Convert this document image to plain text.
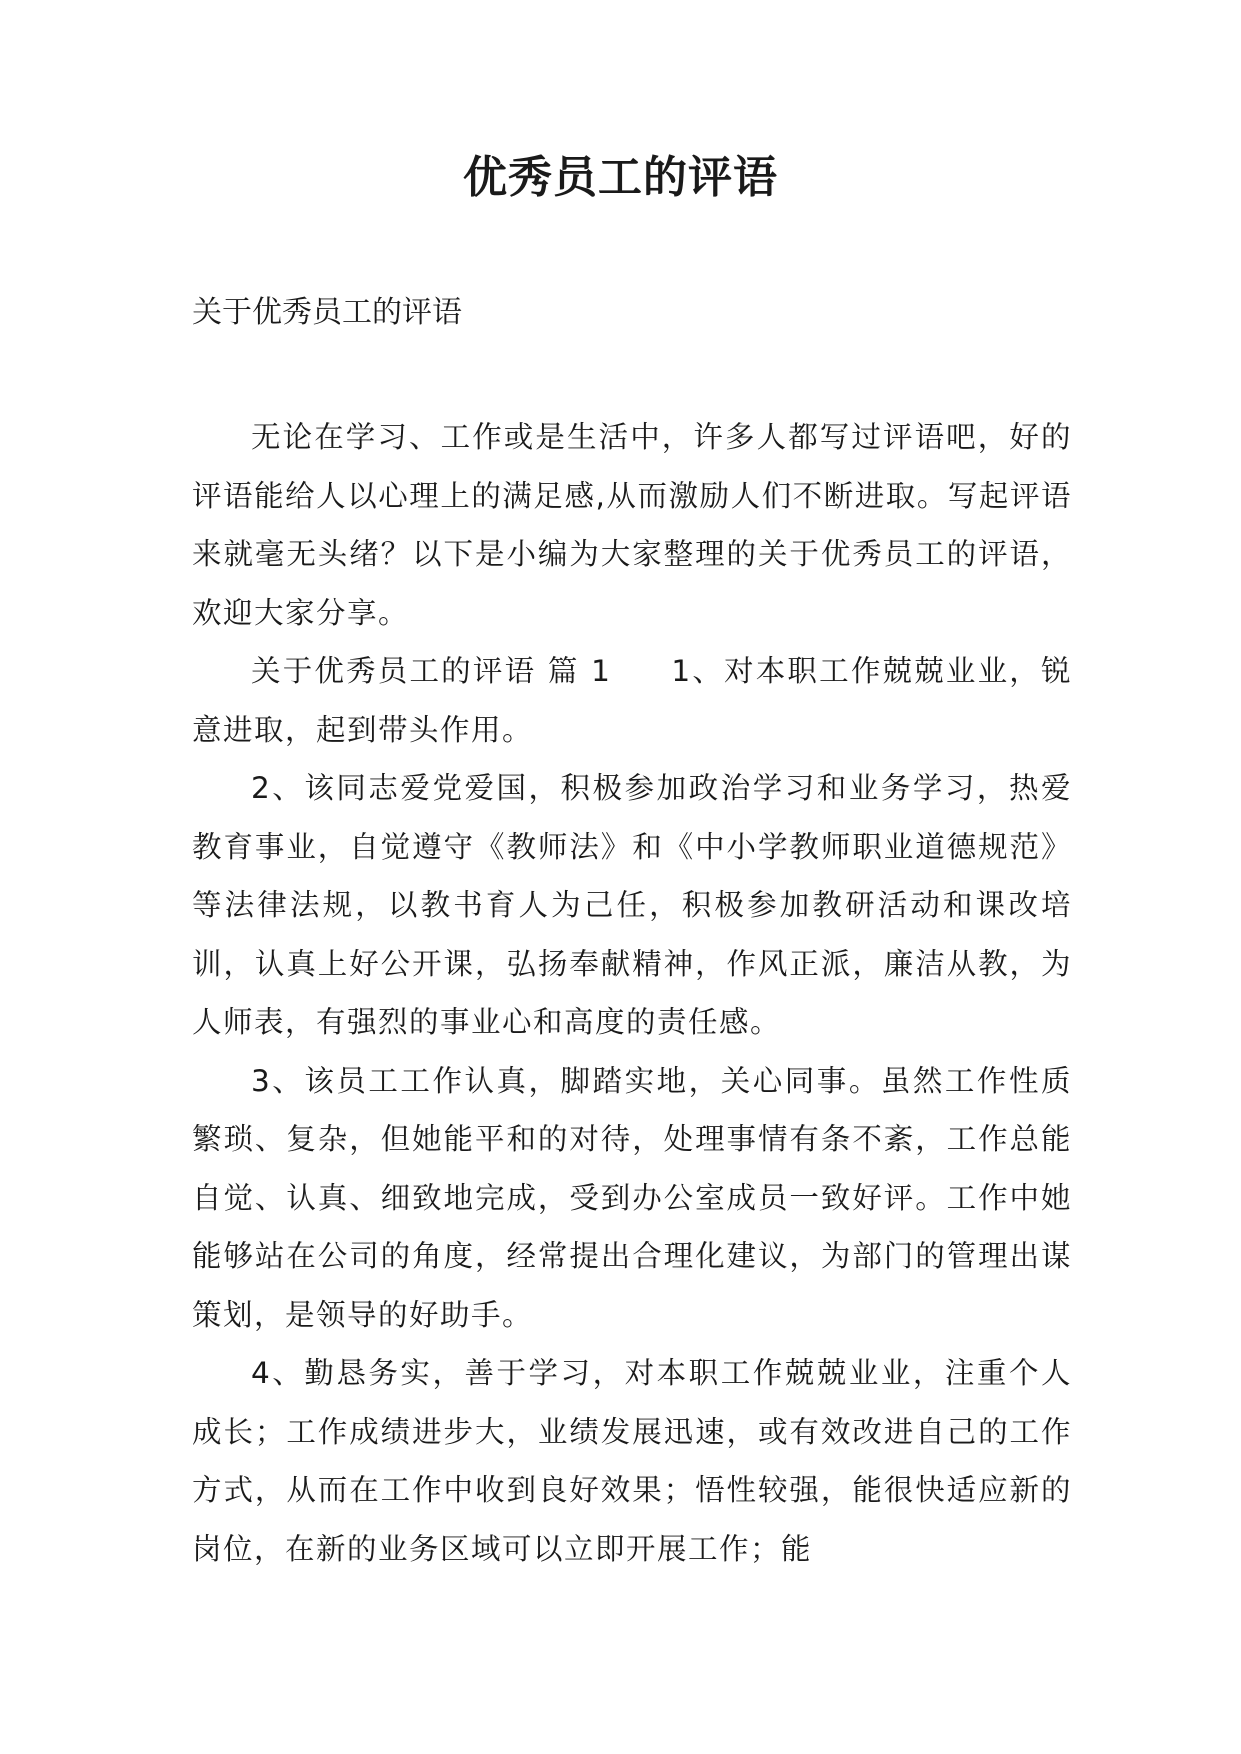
优秀员工的评语

关于优秀员工的评语

无论在学习、工作或是生活中，许多人都写过评语吧，好的评语能给人以心理上的满足感,从而激励人们不断进取。写起评语来就毫无头绪？以下是小编为大家整理的关于优秀员工的评语，欢迎大家分享。

关于优秀员工的评语 篇 1 1、对本职工作兢兢业业，锐意进取，起到带头作用。

2、该同志爱党爱国，积极参加政治学习和业务学习，热爱教育事业，自觉遵守《教师法》和《中小学教师职业道德规范》等法律法规，以教书育人为己任，积极参加教研活动和课改培训，认真上好公开课，弘扬奉献精神，作风正派，廉洁从教，为人师表，有强烈的事业心和高度的责任感。

3、该员工工作认真，脚踏实地，关心同事。虽然工作性质繁琐、复杂，但她能平和的对待，处理事情有条不紊，工作总能自觉、认真、细致地完成，受到办公室成员一致好评。工作中她能够站在公司的角度，经常提出合理化建议，为部门的管理出谋策划，是领导的好助手。

4、勤恳务实，善于学习，对本职工作兢兢业业，注重个人成长；工作成绩进步大，业绩发展迅速，或有效改进自己的工作方式，从而在工作中收到良好效果；悟性较强，能很快适应新的岗位，在新的业务区域可以立即开展工作；能
